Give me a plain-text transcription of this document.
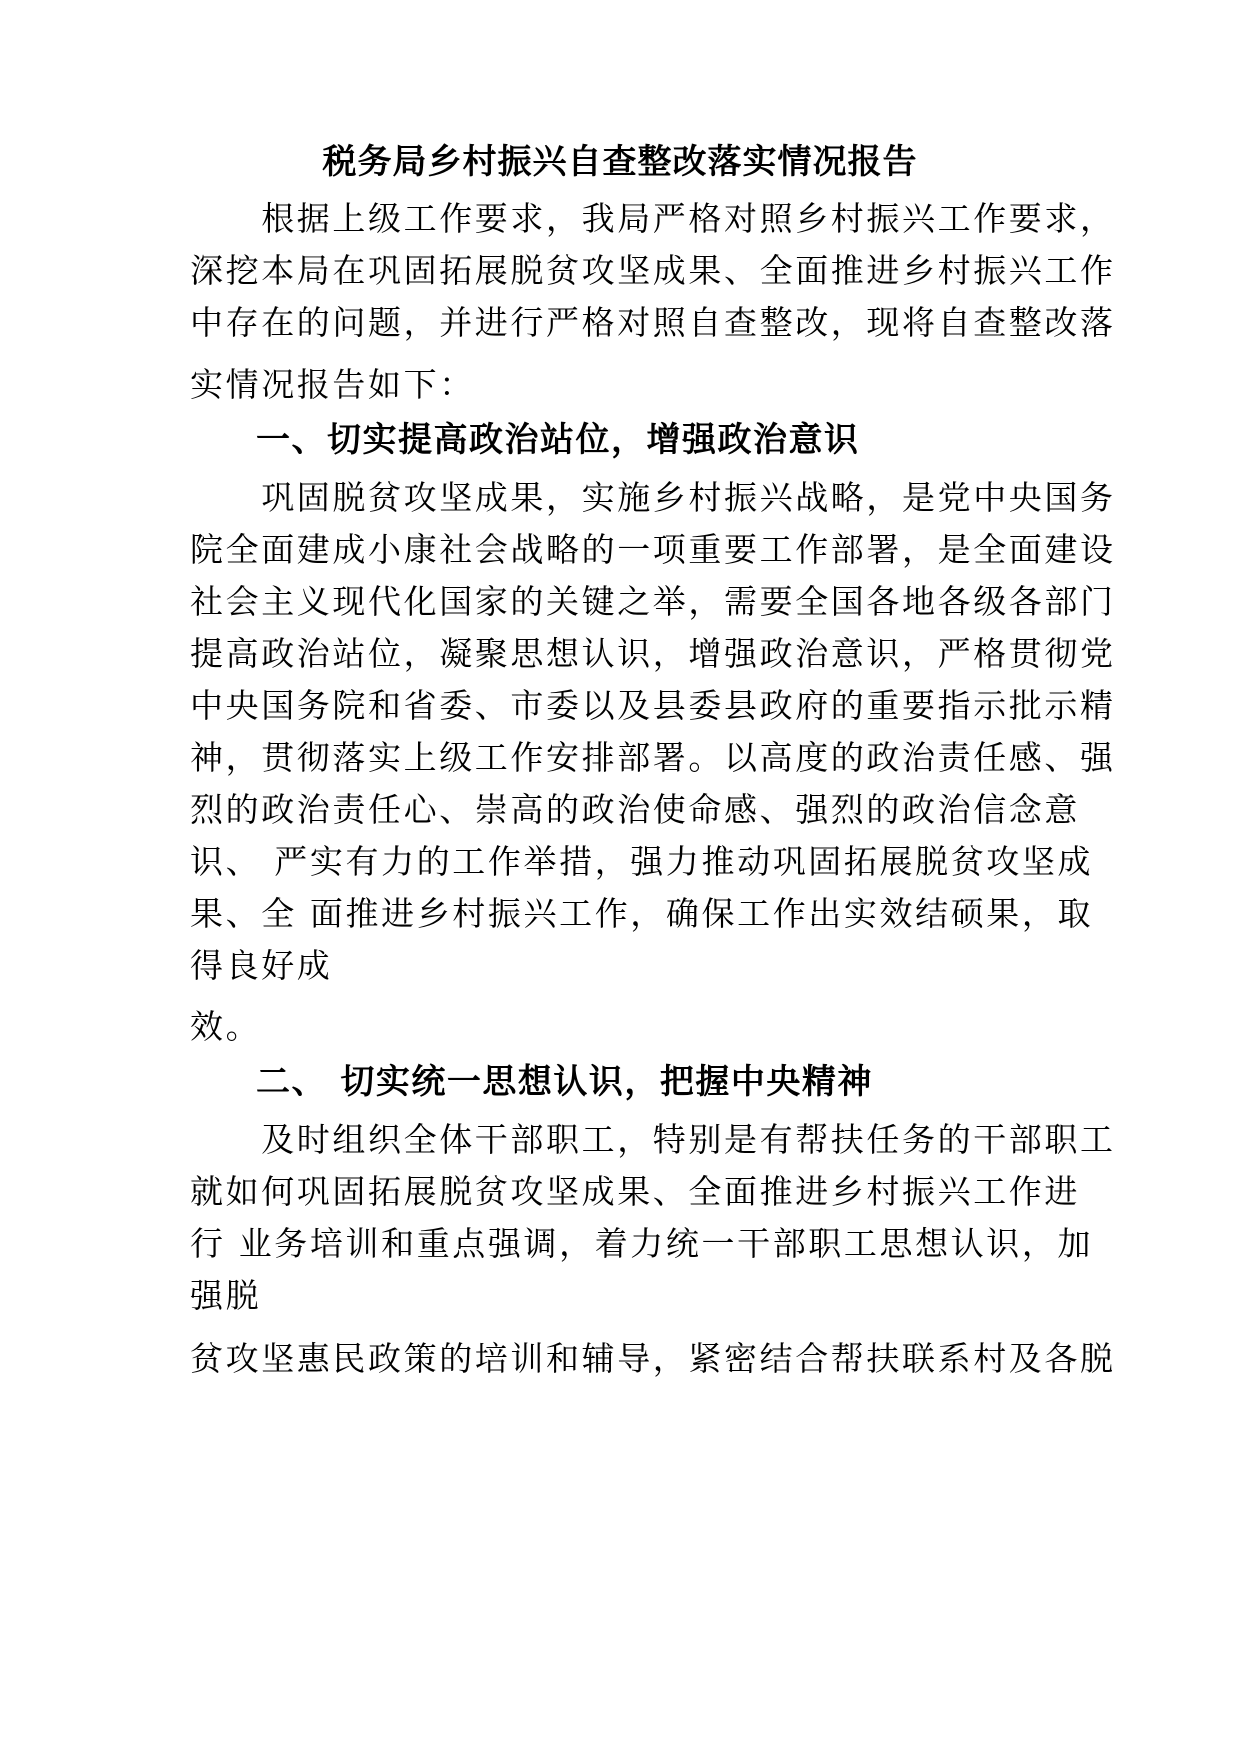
税务局乡村振兴自查整改落实情况报告
　　根据上级工作要求，我局严格对照乡村振兴工作要求，
深挖本局在巩固拓展脱贫攻坚成果、全面推进乡村振兴工作
中存在的问题，并进行严格对照自查整改，现将自查整改落
实情况报告如下：
一、切实提高政治站位，增强政治意识
　　巩固脱贫攻坚成果，实施乡村振兴战略，是党中央国务
院全面建成小康社会战略的一项重要工作部署，是全面建设
社会主义现代化国家的关键之举，需要全国各地各级各部门
提高政治站位，凝聚思想认识，增强政治意识，严格贯彻党
中央国务院和省委、市委以及县委县政府的重要指示批示精
神，贯彻落实上级工作安排部署。以高度的政治责任感、强
烈的政治责任心、崇高的政治使命感、强烈的政治信念意
识、 严实有力的工作举措，强力推动巩固拓展脱贫攻坚成
果、全 面推进乡村振兴工作，确保工作出实效结硕果，取
得良好成
效。
二、 切实统一思想认识，把握中央精神
　　及时组织全体干部职工，特别是有帮扶任务的干部职工
就如何巩固拓展脱贫攻坚成果、全面推进乡村振兴工作进
行 业务培训和重点强调，着力统一干部职工思想认识，加
强脱
贫攻坚惠民政策的培训和辅导，紧密结合帮扶联系村及各脱
